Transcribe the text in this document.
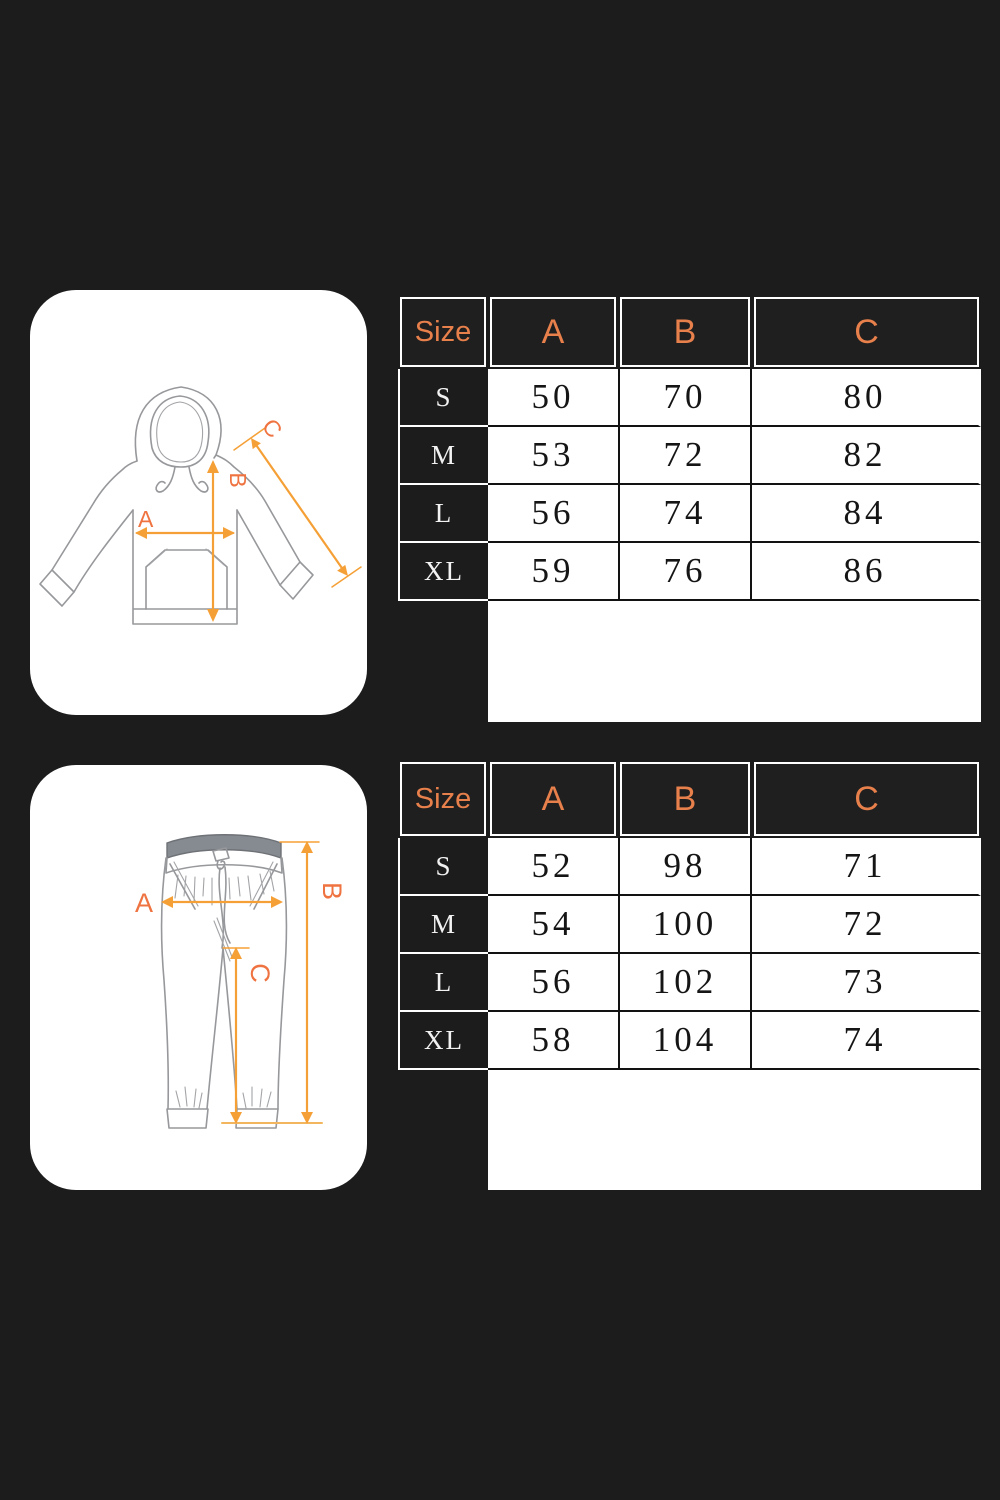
A
B
C
Size	A	B	C
S	50	70	80
M	53	72	82
L	56	74	84
XL	59	76	86
A	B
C
Size	A	B	C
S	52	98	71
M	54	100	72
L	56	102	73
XL	58	104	74
